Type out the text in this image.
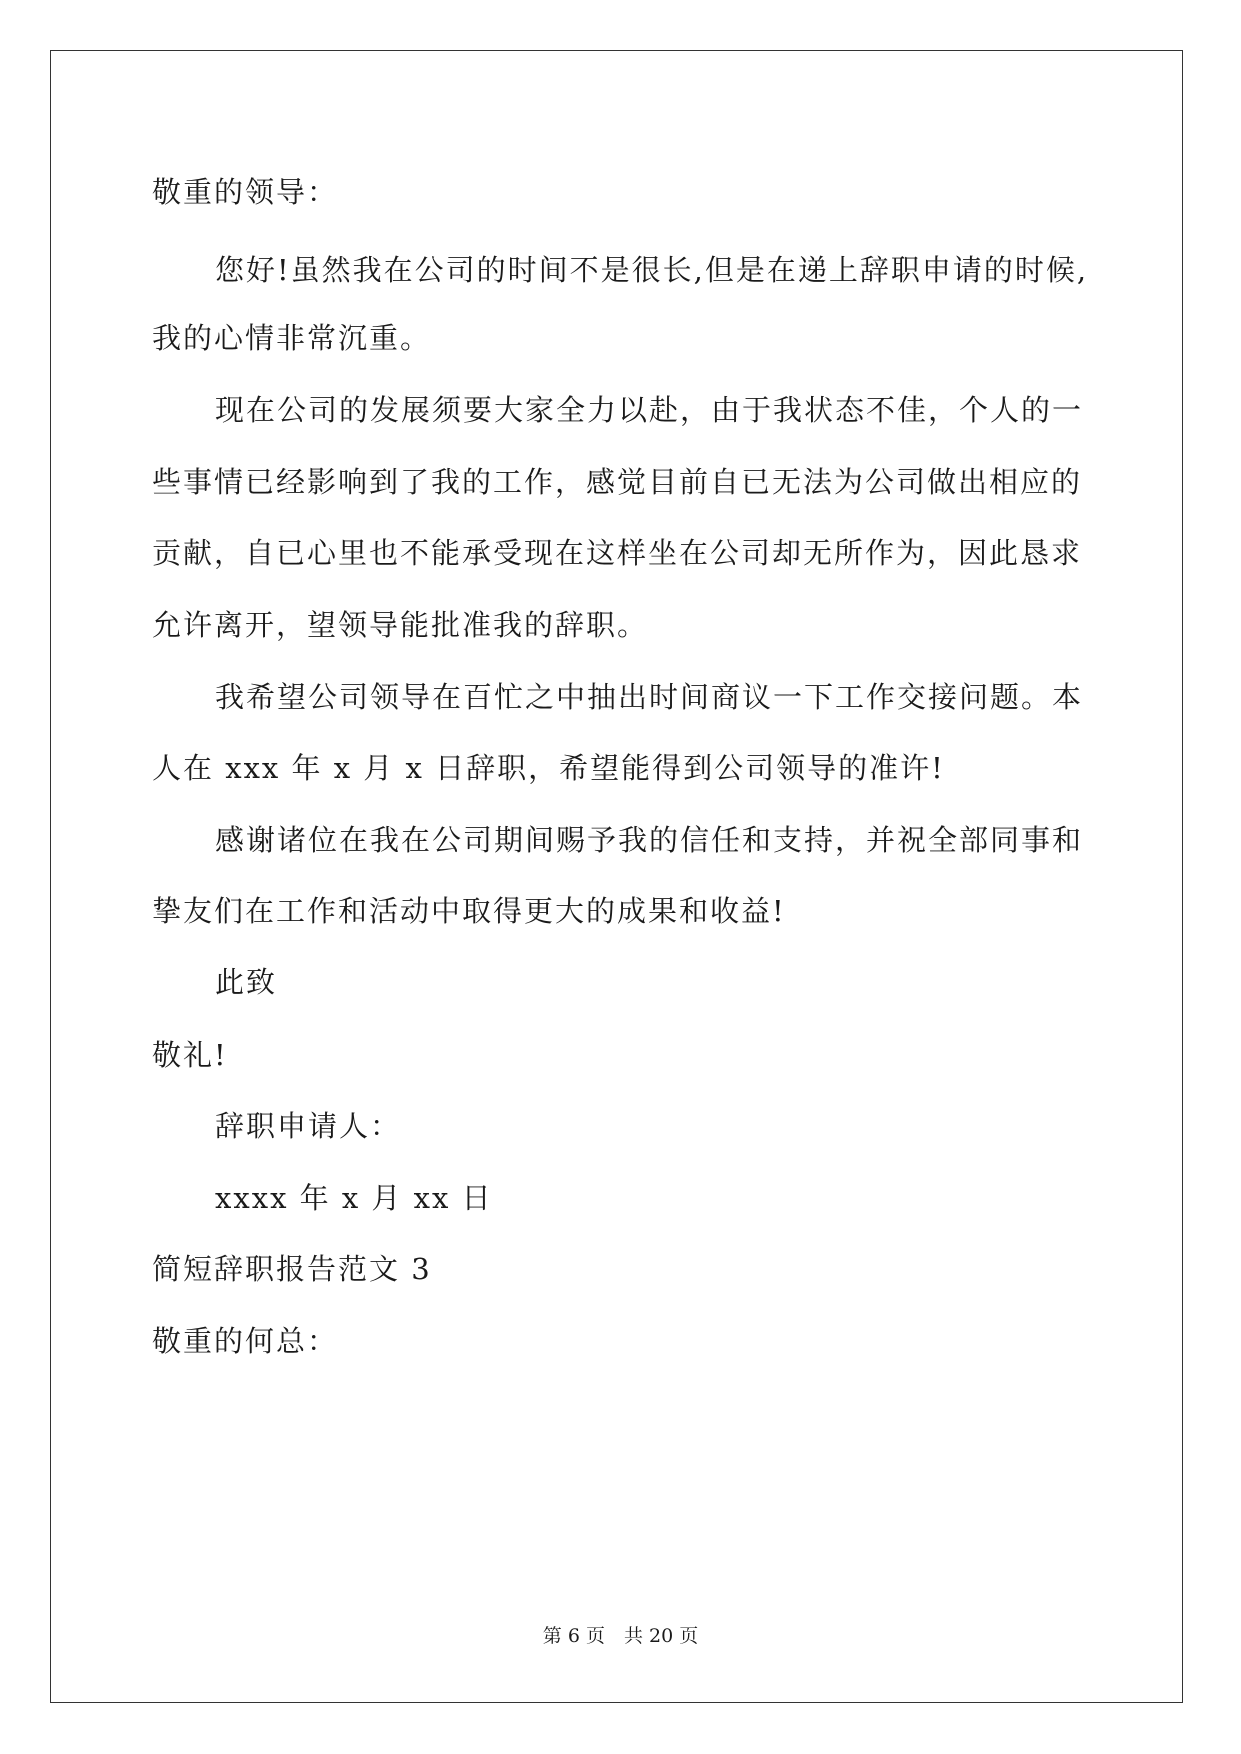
敬重的领导：
您好!虽然我在公司的时间不是很长,但是在递上辞职申请的时候,
我的心情非常沉重。
现在公司的发展须要大家全力以赴，由于我状态不佳，个人的一
些事情已经影响到了我的工作，感觉目前自已无法为公司做出相应的
贡献，自已心里也不能承受现在这样坐在公司却无所作为，因此恳求
允许离开，望领导能批准我的辞职。
我希望公司领导在百忙之中抽出时间商议一下工作交接问题。本
人在 xxx 年 x 月 x 日辞职，希望能得到公司领导的准许!
感谢诸位在我在公司期间赐予我的信任和支持，并祝全部同事和
挚友们在工作和活动中取得更大的成果和收益!
此致
敬礼!
辞职申请人：
xxxx 年 x 月 xx 日
简短辞职报告范文 3
敬重的何总：
第 6 页　共 20 页
